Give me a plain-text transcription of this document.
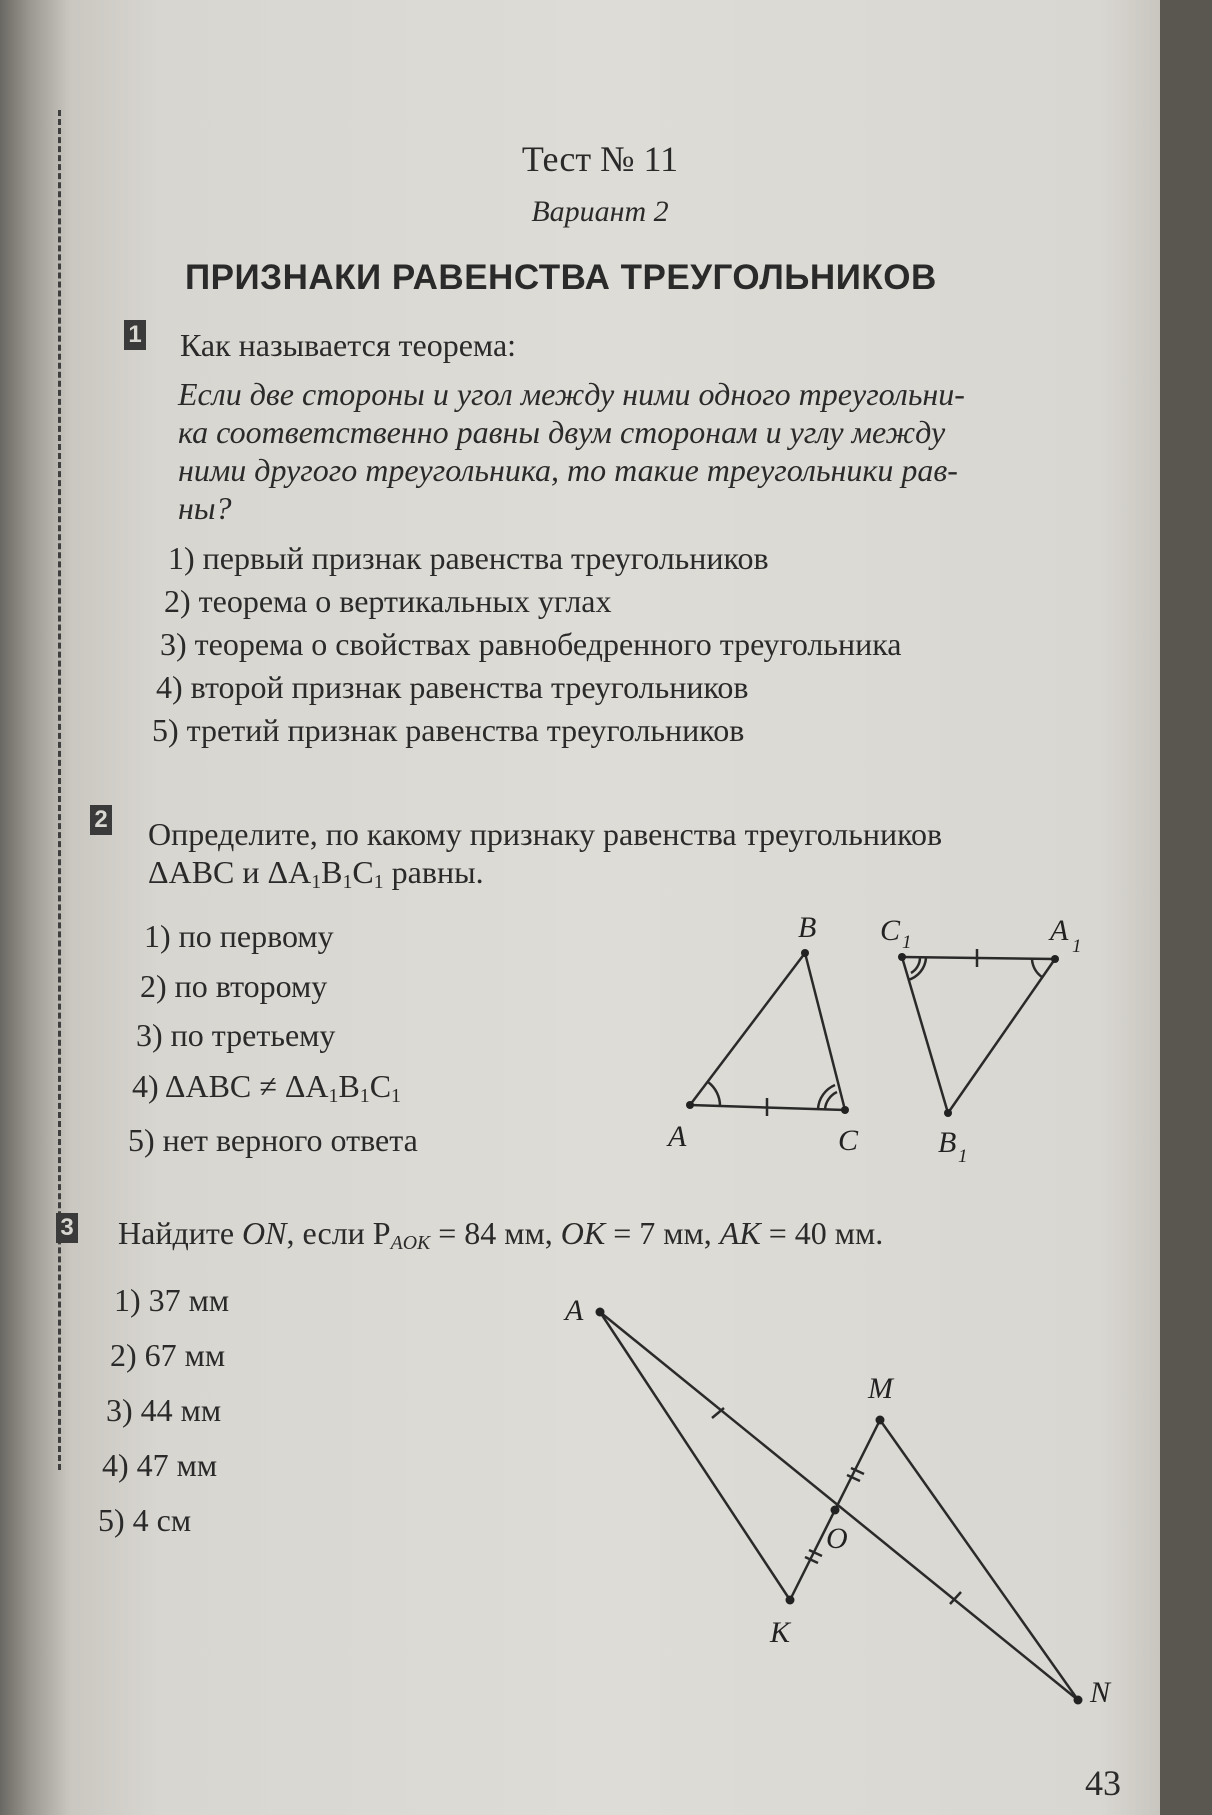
Тест № 11
Вариант 2
ПРИЗНАКИ РАВЕНСТВА ТРЕУГОЛЬНИКОВ
1 Как называется теорема:
Если две стороны и угол между ними одного треугольни-
ка соответственно равны двум сторонам и углу между
ними другого треугольника, то такие треугольники рав-
ны?
1) первый признак равенства треугольников
2) теорема о вертикальных углах
3) теорема о свойствах равнобедренного треугольника
4) второй признак равенства треугольников
5) третий признак равенства треугольников
2 Определите, по какому признаку равенства треугольников
ΔABC и $\Delta A_1B_1C_1$ равны.
1) по первому
2) по второму
3) по третьему
4) $\Delta ABC \ne \Delta A_1B_1C_1$
5) нет верного ответа
B
A	C
C 1	A 1
B 1
3 Найдите ON, если $P_{AOK} = 84$ мм, OK = 7 мм, AK = 40 мм.
1) 37 мм
2) 67 мм
3) 44 мм
4) 47 мм
5) 4 см
A
M
O
K
N
43
